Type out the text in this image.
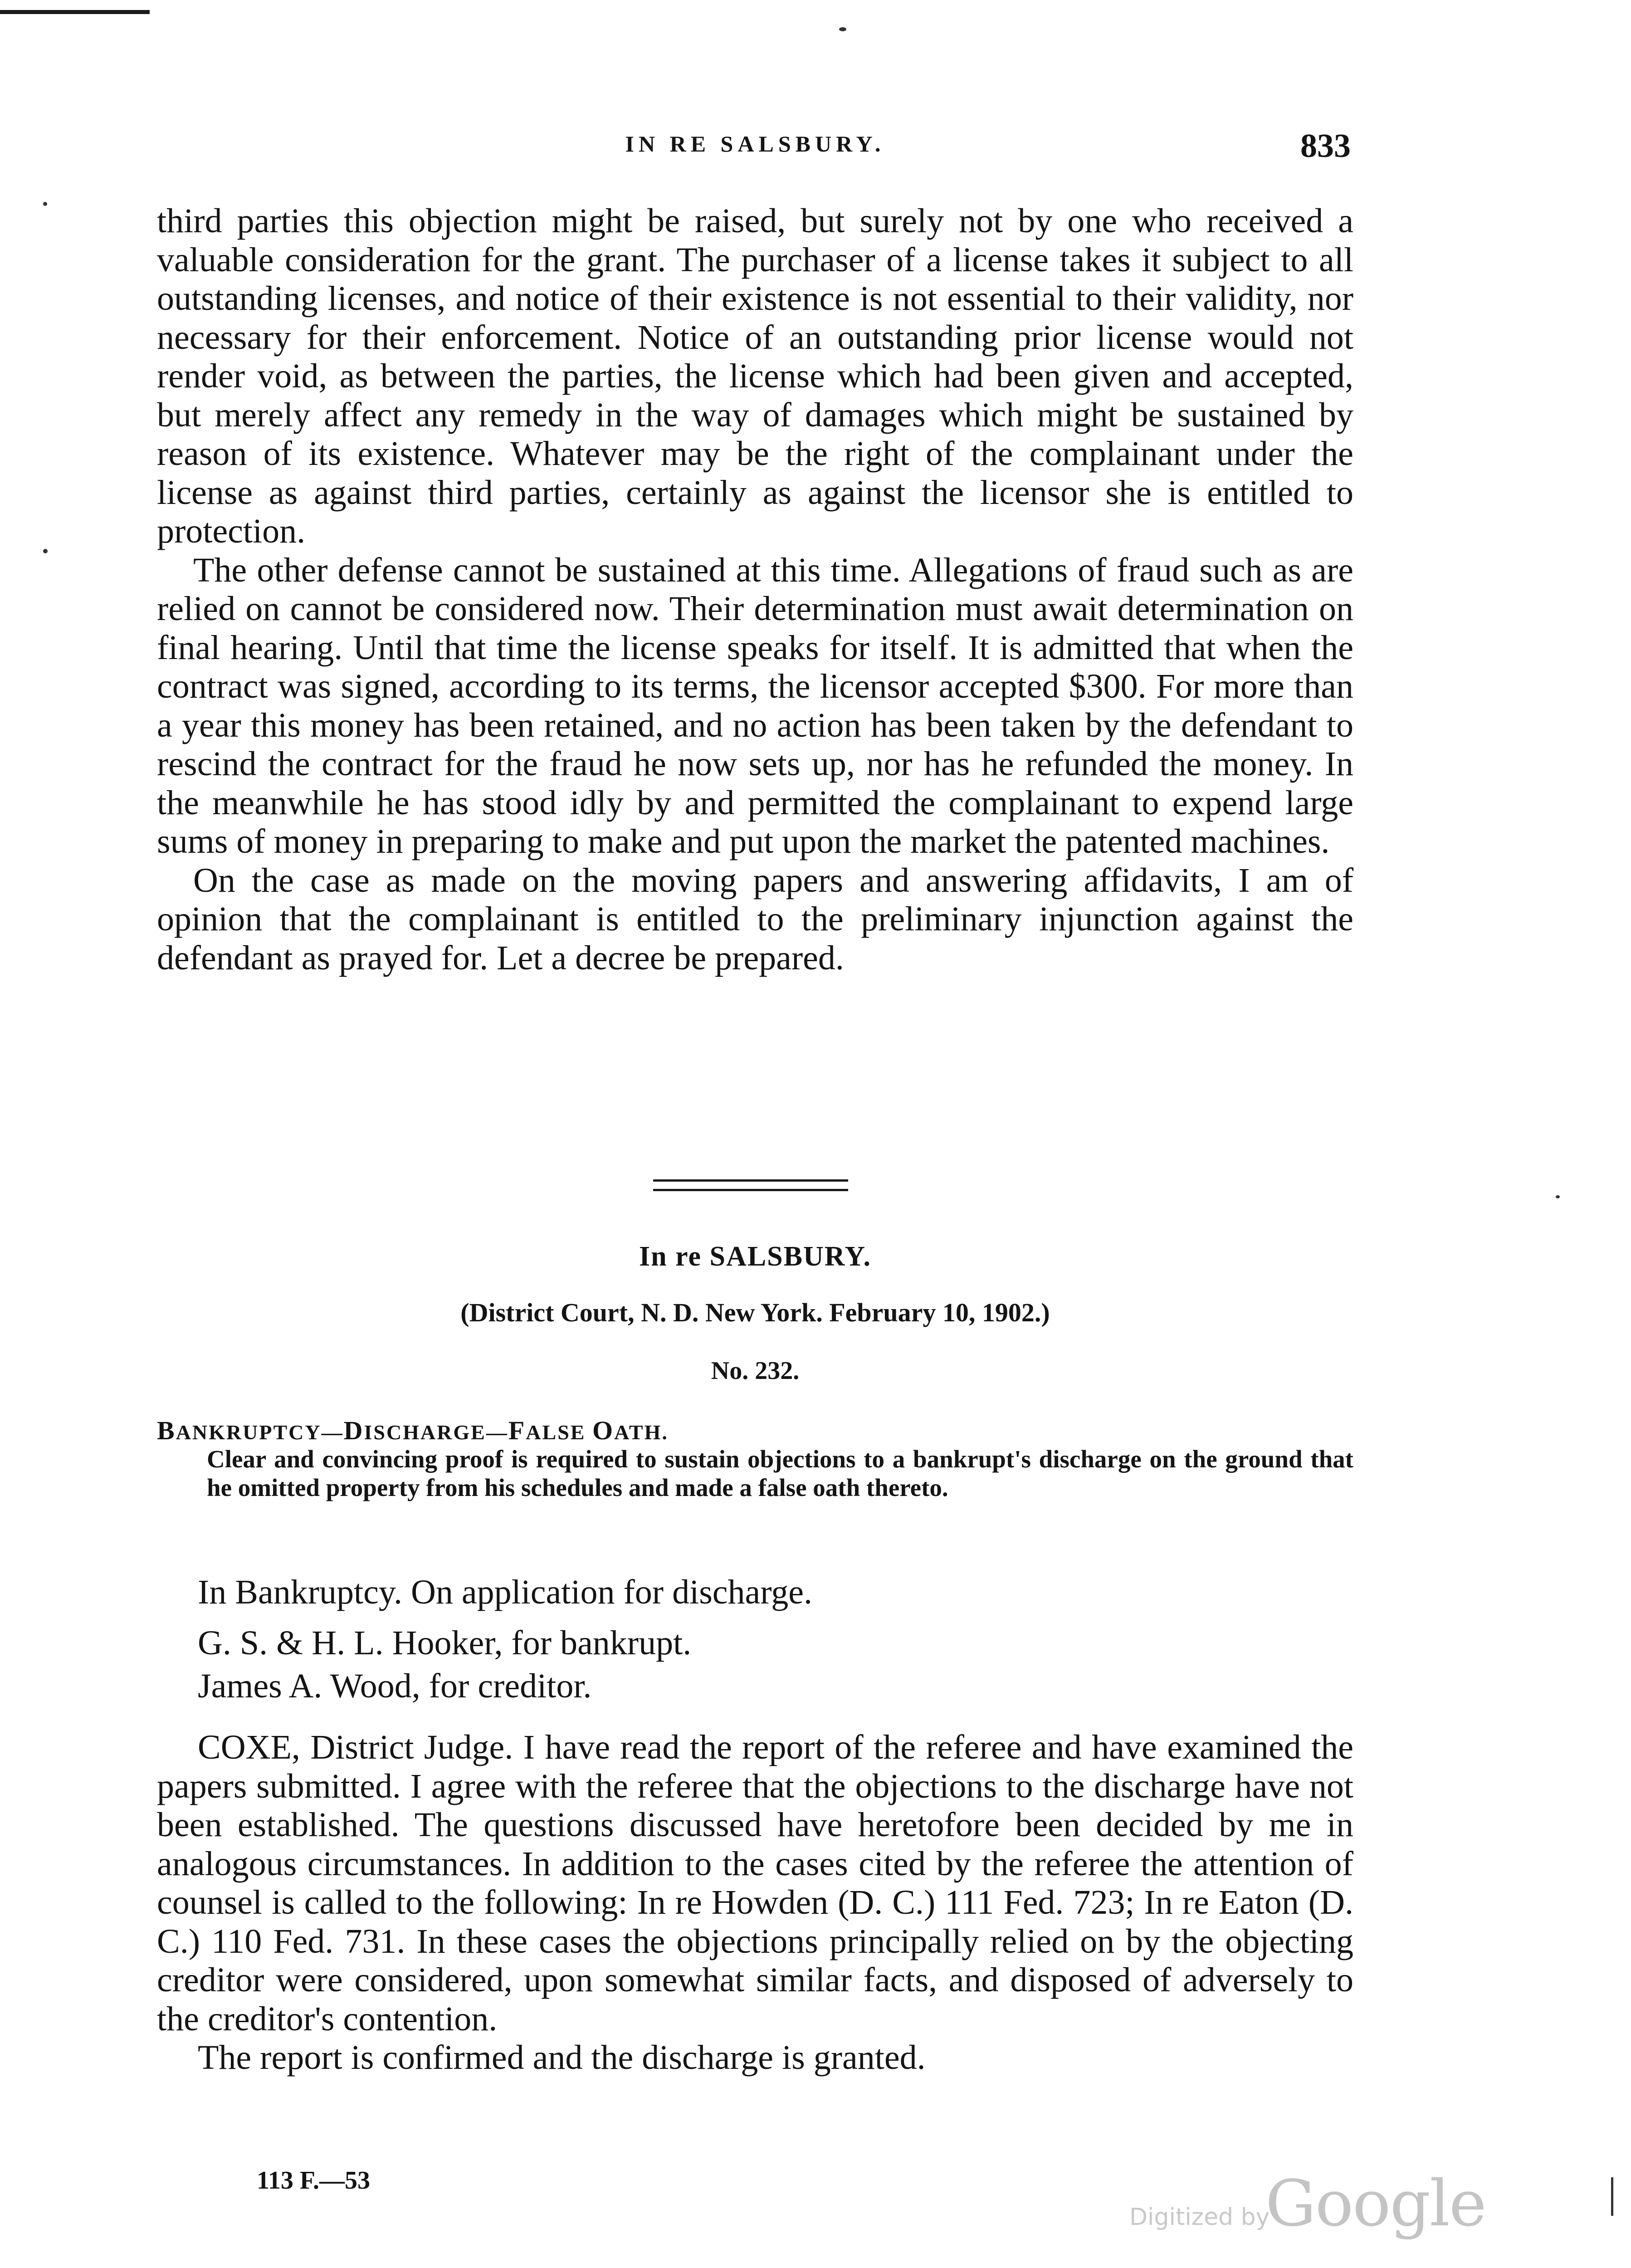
IN RE SALSBURY.	833

third parties this objection might be raised, but surely not by one who received a valuable consideration for the grant. The purchaser of a license takes it subject to all outstanding licenses, and notice of their existence is not essential to their validity, nor necessary for their enforcement. Notice of an outstanding prior license would not render void, as between the parties, the license which had been given and accepted, but merely affect any remedy in the way of damages which might be sustained by reason of its existence. Whatever may be the right of the complainant under the license as against third parties, certainly as against the licensor she is entitled to protection.

The other defense cannot be sustained at this time. Allegations of fraud such as are relied on cannot be considered now. Their determination must await determination on final hearing. Until that time the license speaks for itself. It is admitted that when the contract was signed, according to its terms, the licensor accepted $300. For more than a year this money has been retained, and no action has been taken by the defendant to rescind the contract for the fraud he now sets up, nor has he refunded the money. In the meanwhile he has stood idly by and permitted the complainant to expend large sums of money in preparing to make and put upon the market the patented machines.

On the case as made on the moving papers and answering affidavits, I am of opinion that the complainant is entitled to the preliminary injunction against the defendant as prayed for. Let a decree be prepared.

In re SALSBURY.
(District Court, N. D. New York. February 10, 1902.)
No. 232.
BANKRUPTCY—DISCHARGE—FALSE OATH.
Clear and convincing proof is required to sustain objections to a bankrupt's discharge on the ground that he omitted property from his schedules and made a false oath thereto.
In Bankruptcy. On application for discharge.
G. S. & H. L. Hooker, for bankrupt.
James A. Wood, for creditor.

COXE, District Judge. I have read the report of the referee and have examined the papers submitted. I agree with the referee that the objections to the discharge have not been established. The questions discussed have heretofore been decided by me in analogous circumstances. In addition to the cases cited by the referee the attention of counsel is called to the following: In re Howden (D. C.) 111 Fed. 723; In re Eaton (D. C.) 110 Fed. 731. In these cases the objections principally relied on by the objecting creditor were considered, upon somewhat similar facts, and disposed of adversely to the creditor's contention.

The report is confirmed and the discharge is granted.

113 F.—53
Digitized by
Google
